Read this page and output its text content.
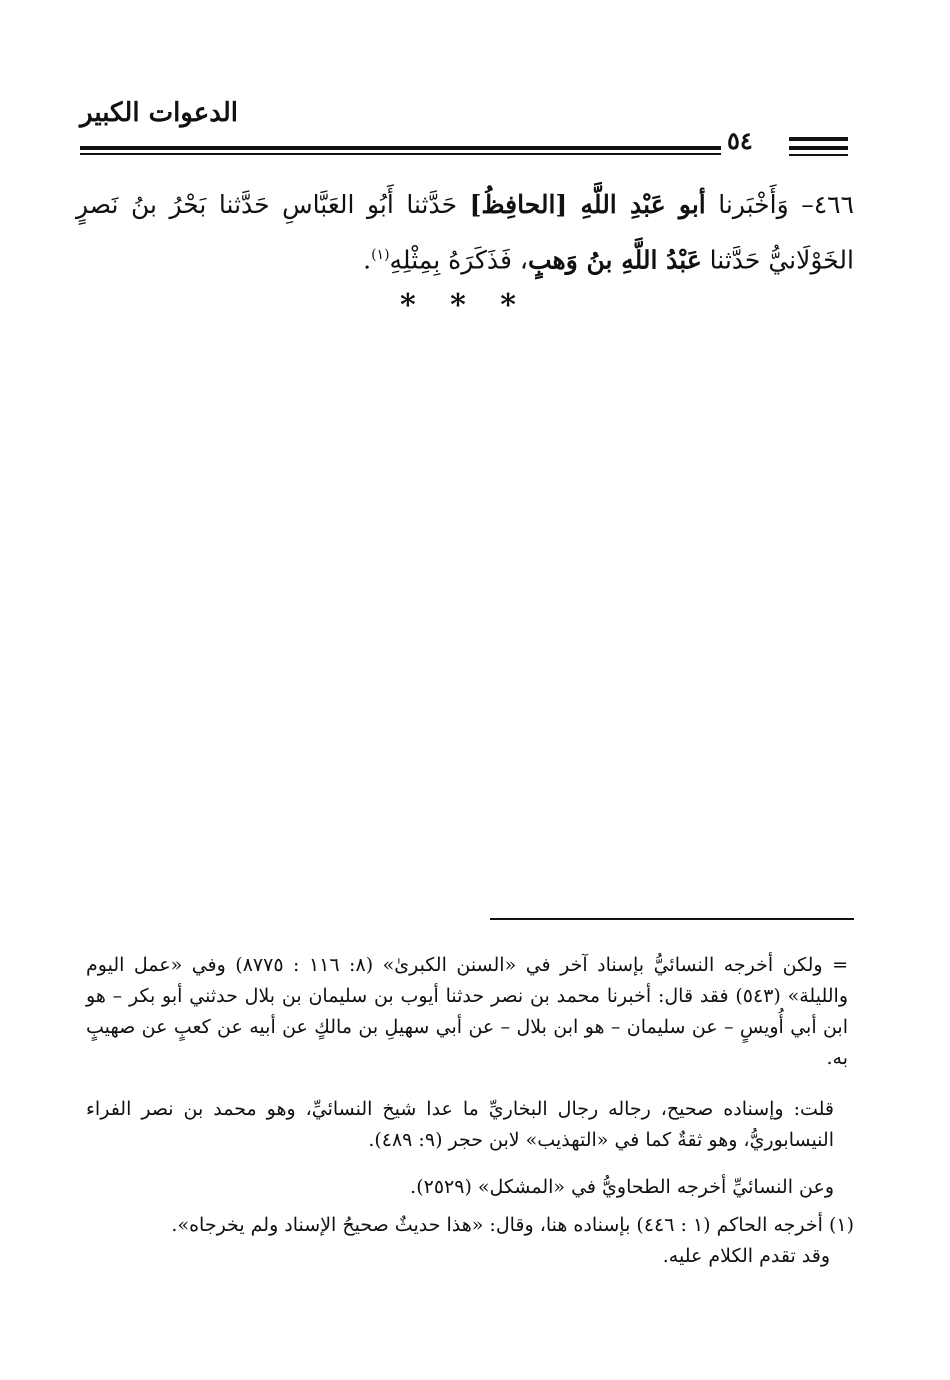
الدعوات الكبير
٥٤
٤٦٦– وَأَخْبَرنا أبو عَبْدِ اللَّهِ [الحافِظُ] حَدَّثنا أَبُو العَبَّاسِ حَدَّثنا بَحْرُ بنُ نَصرٍ الخَوْلَانيُّ حَدَّثنا عَبْدُ اللَّهِ بنُ وَهبٍ، فَذَكَرَهُ بِمِثْلِهِ$^{(١)}$.
* * *
= ولكن أخرجه النسائيُّ بإسناد آخر في «السنن الكبرىٰ» (٨: ١١٦ : ٨٧٧٥) وفي «عمل اليوم والليلة» (٥٤٣) فقد قال: أخبرنا محمد بن نصر حدثنا أيوب بن سليمان بن بلال حدثني أبو بكر – هو ابن أبي أُويسٍ – عن سليمان – هو ابن بلال – عن أبي سهيلِ بن مالكٍ عن أبيه عن كعبٍ عن صهيبٍ به.
قلت: وإسناده صحيح، رجاله رجال البخاريِّ ما عدا شيخ النسائيِّ، وهو محمد بن نصر الفراء النيسابوريُّ، وهو ثقةٌ كما في «التهذيب» لابن حجر (٩: ٤٨٩).
وعن النسائيِّ أخرجه الطحاويُّ في «المشكل» (٢٥٢٩).
(١) أخرجه الحاكم (١ : ٤٤٦) بإسناده هنا، وقال: «هذا حديثٌ صحيحُ الإسناد ولم يخرجاه».
وقد تقدم الكلام عليه.
